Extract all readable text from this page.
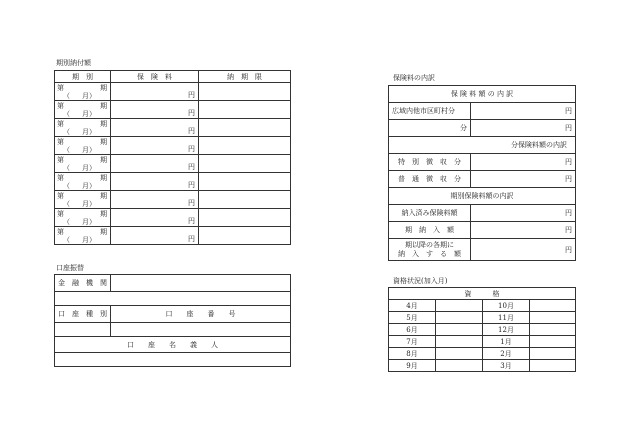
期別納付額
期　別	保　険　料	納　期　限

第 期
（ 月）	円	

第 期
（ 月）	円	

第 期
（ 月）	円	

第 期
（ 月）	円	

第 期
（ 月）	円	

第 期
（ 月）	円	

第 期
（ 月）	円	

第 期
（ 月）	円	

第 期
（ 月）	円	
口座振替
金　融　機　関	

口　座　種　別	口　　座　　番　　号

口　　座　　名　　義　　人	

保険料の内訳
保 険 料 額 の 内 訳	
広域内他市区町村分	円
分	円
分保険料額の内訳	
特　別　徴　収　分	円
普　通　徴　収　分	円
期別保険料額の内訳	
納入済み保険料額	円
期　納　入　額	円

期以降の各期に
納　入　す　る　額	円
資格状況(加入月)
資　　　格			
4月		10月	
5月		11月	
6月		12月	
7月		1月	
8月		2月	
9月		3月	
